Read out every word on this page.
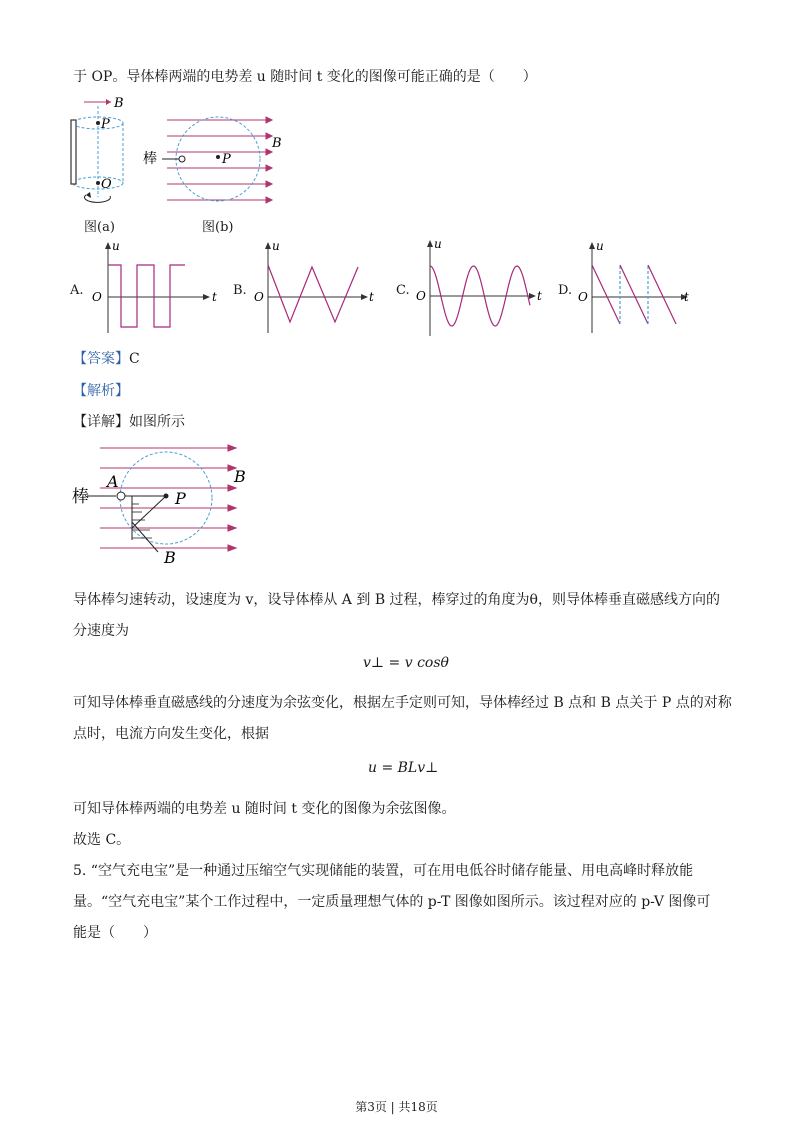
于 OP。导体棒两端的电势差 u 随时间 t 变化的图像可能正确的是（　　）
B
P
O
图(a)
P
B
棒
图(b)
A.
u
t
O	B.
u
t
O	C.
u
t
O	D.
u
t
O
【答案】C
【解析】
【详解】如图所示
P
B
B
A
棒
导体棒匀速转动，设速度为 v，设导体棒从 A 到 B 过程，棒穿过的角度为θ，则导体棒垂直磁感线方向的
分速度为
v⊥ = v cosθ
可知导体棒垂直磁感线的分速度为余弦变化，根据左手定则可知，导体棒经过 B 点和 B 点关于 P 点的对称
点时，电流方向发生变化，根据
u = BLv⊥
可知导体棒两端的电势差 u 随时间 t 变化的图像为余弦图像。
故选 C。
5. “空气充电宝”是一种通过压缩空气实现储能的装置，可在用电低谷时储存能量、用电高峰时释放能
量。“空气充电宝”某个工作过程中，一定质量理想气体的 p-T 图像如图所示。该过程对应的 p-V 图像可
能是（　　）
第3页 | 共18页
